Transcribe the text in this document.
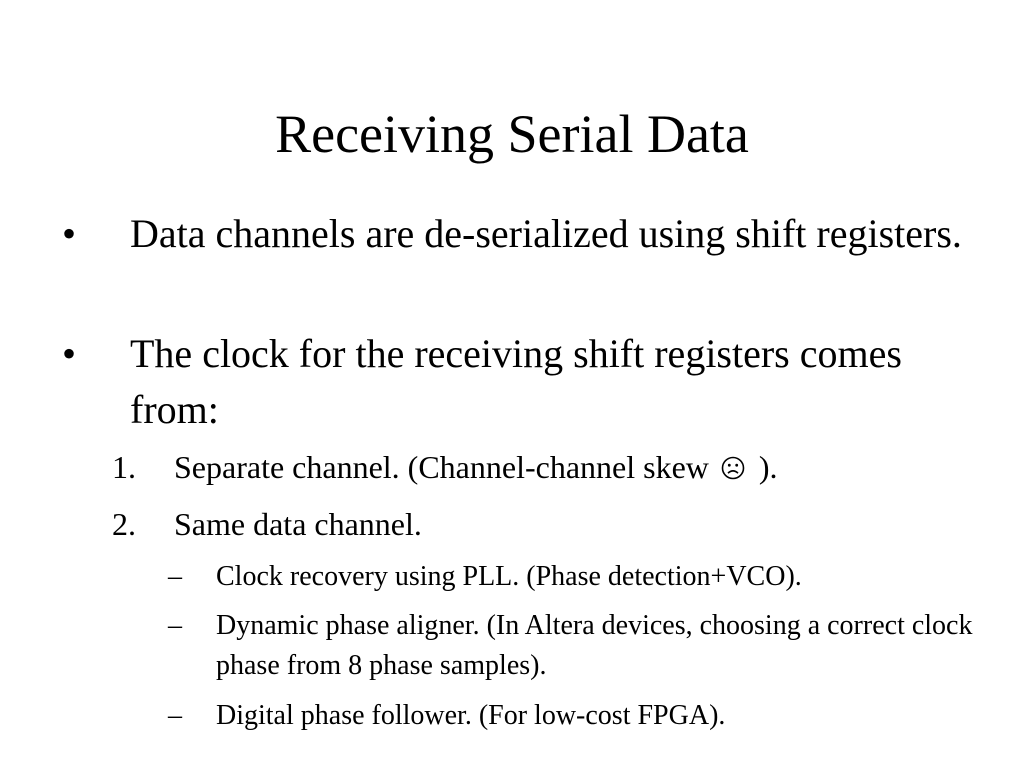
Receiving Serial Data
•	Data channels are de-serialized using shift registers.
•	The clock for the receiving shift registers comes from:
1.	Separate channel. (Channel-channel skew ).
2.	Same data channel.
–	Clock recovery using PLL. (Phase detection+VCO).
–	Dynamic phase aligner. (In Altera devices, choosing a correct clock phase from 8 phase samples).
–	Digital phase follower. (For low-cost FPGA).
